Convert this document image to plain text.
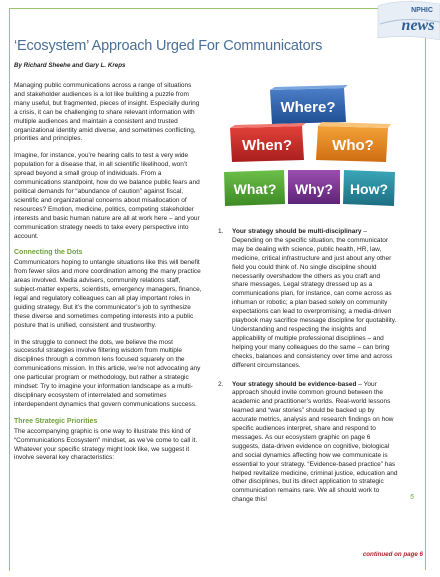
NPHIC
news
‘Ecosystem’ Approach Urged For Communicators
By Richard Sheehe and Gary L. Kreps

Managing public communications across a range of situations and stakeholder audiences is a lot like building a puzzle from many useful, but fragmented, pieces of insight. Especially during a crisis, it can be challenging to share relevant information with multiple audiences and maintain a consistent and trusted organizational identity amid diverse, and sometimes conflicting, priorities and principles.

Imagine, for instance, you’re hearing calls to test a very wide population for a disease that, in all scientific likelihood, won’t spread beyond a small group of individuals. From a communications standpoint, how do we balance public fears and political demands for “abundance of caution” against fiscal, scientific and organizational concerns about misallocation of resources? Emotion, medicine, politics, competing stakeholder interests and basic human nature are all at work here – and your communication strategy needs to take every perspective into account.

Connecting the Dots

Communicators hoping to untangle situations like this will benefit from fewer silos and more coordination among the many practice areas involved. Media advisers, community relations staff, subject-matter experts, scientists, emergency managers, finance, legal and regulatory colleagues can all play important roles in guiding strategy. But it’s the communicator’s job to synthesize these diverse and sometimes competing interests into a public posture that is unified, consistent and trustworthy.

In the struggle to connect the dots, we believe the most successful strategies involve filtering wisdom from multiple disciplines through a common lens focused squarely on the communications mission. In this article, we’re not advocating any one particular program or methodology, but rather a strategic mindset: Try to imagine your information landscape as a multi-disciplinary ecosystem of interrelated and sometimes interdependent dynamics that govern communications success.

Three Strategic Priorities

The accompanying graphic is one way to illustrate this kind of “Communications Ecosystem” mindset, as we’ve come to call it. Whatever your specific strategy might look like, we suggest it involve several key characteristics:

Where?
When?	Who?
What? Why? How?
1. Your strategy should be multi-disciplinary – Depending on the specific situation, the communicator may be dealing with science, public health, HR, law, medicine, critical infrastructure and just about any other field you could think of. No single discipline should necessarily overshadow the others as you craft and share messages. Legal strategy dressed up as a communications plan, for instance, can come across as inhuman or robotic; a plan based solely on community expectations can lead to overpromising; a media-driven playbook may sacrifice message discipline for quotability. Understanding and respecting the insights and applicability of multiple professional disciplines – and helping your many colleagues do the same – can bring checks, balances and consistency over time and across different circumstances.
2. Your strategy should be evidence-based – Your approach should invite common ground between the academic and practitioner’s worlds. Real-world lessons learned and “war stories” should be backed up by accurate metrics, analysis and research findings on how specific audiences interpret, share and respond to messages. As our ecosystem graphic on page 6 suggests, data-driven evidence on cognitive, biological and social dynamics affecting how we communicate is essential to your strategy. “Evidence-based practice” has helped revitalize medicine, criminal justice, education and other disciplines, but its direct application to strategic communication remains rare. We all should work to change this!	5
continued on page 6
